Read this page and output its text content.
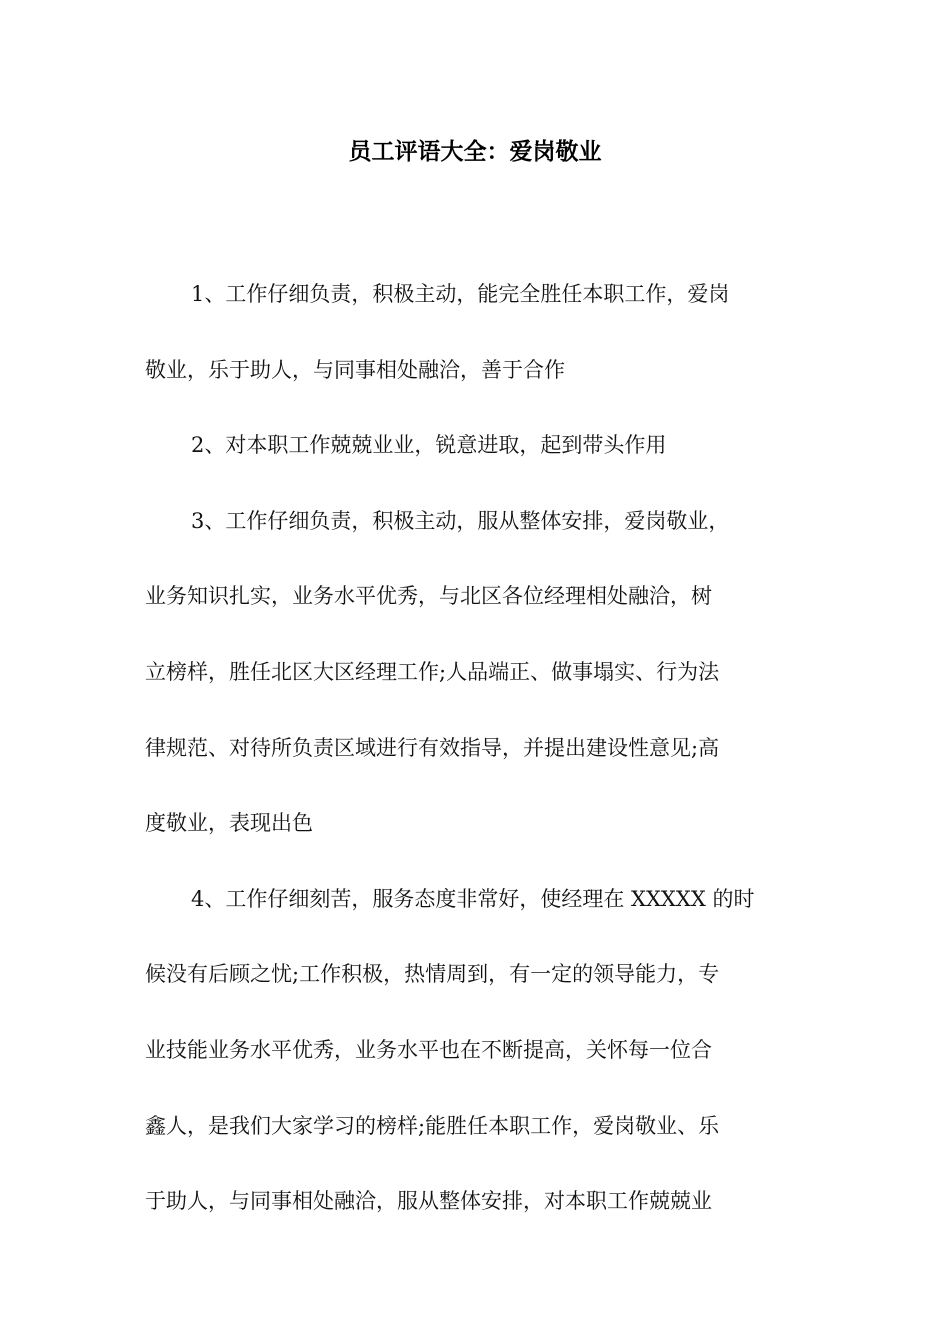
员工评语大全：爱岗敬业
1、工作仔细负责，积极主动，能完全胜任本职工作，爱岗
敬业，乐于助人，与同事相处融洽，善于合作
2、对本职工作兢兢业业，锐意进取，起到带头作用
3、工作仔细负责，积极主动，服从整体安排，爱岗敬业，
业务知识扎实，业务水平优秀，与北区各位经理相处融洽，树
立榜样，胜任北区大区经理工作;人品端正、做事塌实、行为法
律规范、对待所负责区域进行有效指导，并提出建设性意见;高
度敬业，表现出色
4、工作仔细刻苦，服务态度非常好，使经理在 XXXXX 的时
候没有后顾之忧;工作积极，热情周到，有一定的领导能力，专
业技能业务水平优秀，业务水平也在不断提高，关怀每一位合
鑫人，是我们大家学习的榜样;能胜任本职工作，爱岗敬业、乐
于助人，与同事相处融洽，服从整体安排，对本职工作兢兢业
